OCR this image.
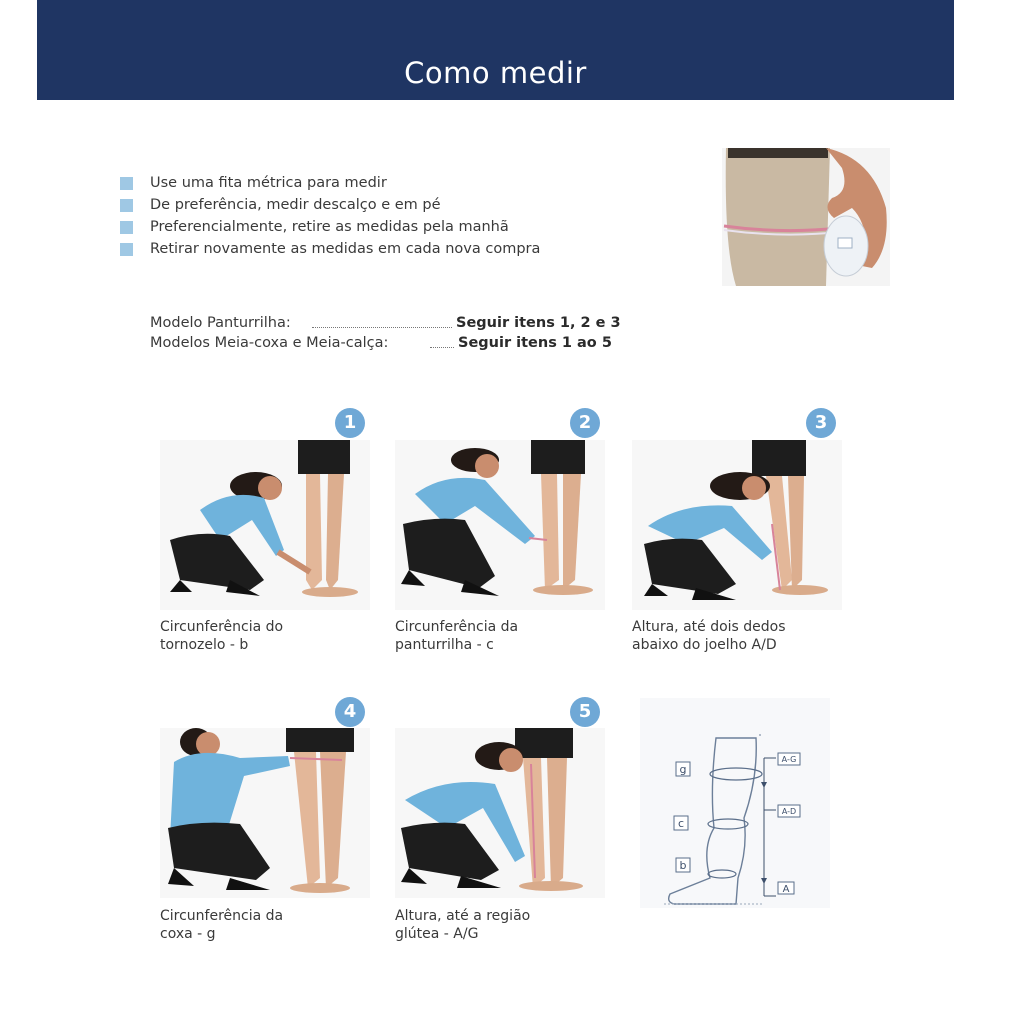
Como medir
Use uma fita métrica para medir
De preferência, medir descalço e em pé
Preferencialmente, retire as medidas pela manhã
Retirar novamente as medidas em cada nova compra
Modelo Panturrilha:	Seguir itens 1, 2 e 3
Modelos Meia-coxa e Meia-calça:	Seguir itens 1 ao 5
1
Circunferência do
tornozelo - b
2
Circunferência da
panturrilha - c
3
Altura, até dois dedos
abaixo do joelho A/D
4
Circunferência da
coxa - g
5
Altura, até a região
glútea - A/G
g
c
b
A-G
A-D
A
